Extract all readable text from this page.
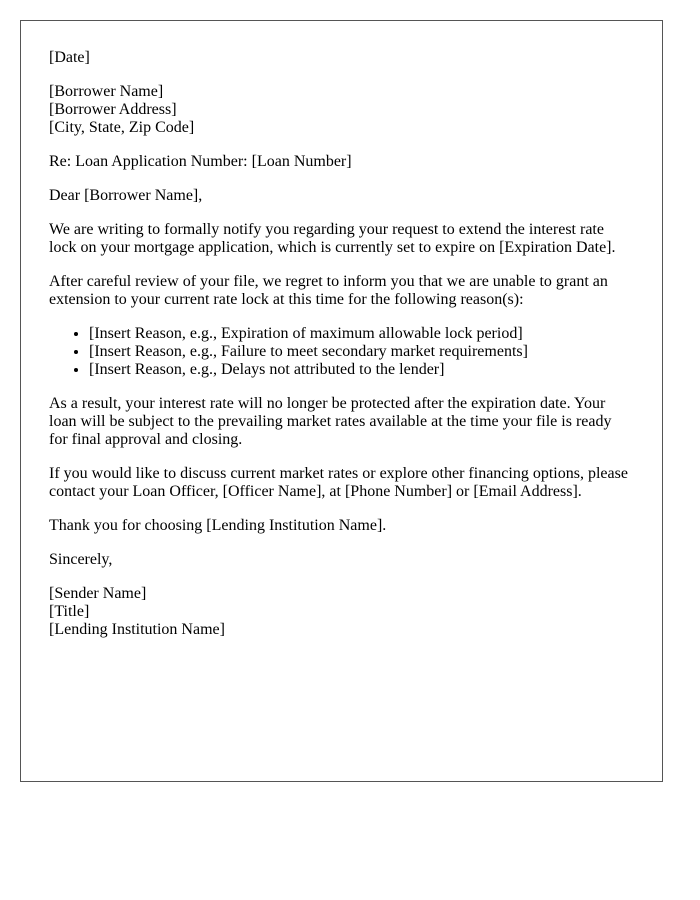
[Date]

[Borrower Name]
[Borrower Address]
[City, State, Zip Code]

Re: Loan Application Number: [Loan Number]

Dear [Borrower Name],

We are writing to formally notify you regarding your request to extend the interest rate lock on your mortgage application, which is currently set to expire on [Expiration Date].

After careful review of your file, we regret to inform you that we are unable to grant an extension to your current rate lock at this time for the following reason(s):

• [Insert Reason, e.g., Expiration of maximum allowable lock period]
• [Insert Reason, e.g., Failure to meet secondary market requirements]
• [Insert Reason, e.g., Delays not attributed to the lender]

As a result, your interest rate will no longer be protected after the expiration date. Your loan will be subject to the prevailing market rates available at the time your file is ready for final approval and closing.

If you would like to discuss current market rates or explore other financing options, please contact your Loan Officer, [Officer Name], at [Phone Number] or [Email Address].

Thank you for choosing [Lending Institution Name].

Sincerely,

[Sender Name]
[Title]
[Lending Institution Name]
